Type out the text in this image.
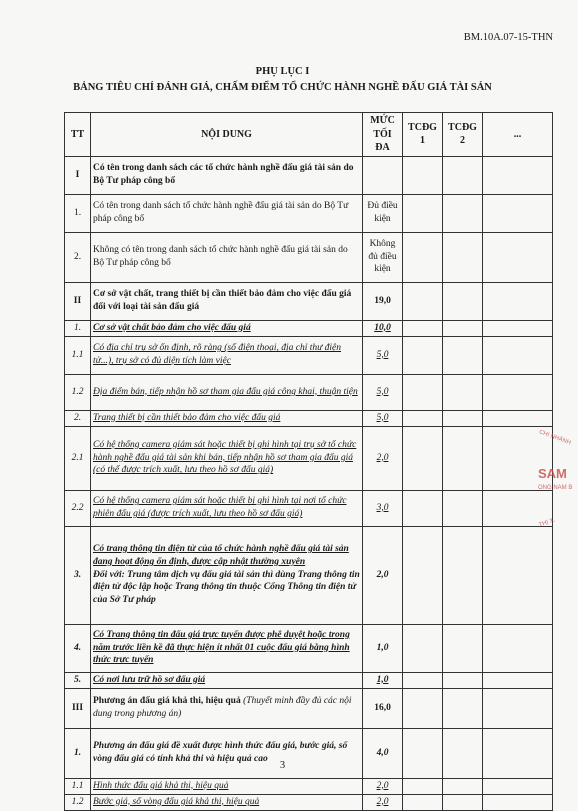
BM.10A.07-15-THN
PHỤ LỤC I
BẢNG TIÊU CHÍ ĐÁNH GIÁ, CHẤM ĐIỂM TỔ CHỨC HÀNH NGHỀ ĐẤU GIÁ TÀI SẢN
TT	NỘI DUNG	MỨC TỐI ĐA	TCĐG 1	TCĐG 2	...
I	Có tên trong danh sách các tổ chức hành nghề đấu giá tài sản do Bộ Tư pháp công bố				
1.	Có tên trong danh sách tổ chức hành nghề đấu giá tài sản do Bộ Tư pháp công bố	Đủ điều kiện			
2.	Không có tên trong danh sách tổ chức hành nghề đấu giá tài sản do Bộ Tư pháp công bố	Không đủ điều kiện			
II	Cơ sở vật chất, trang thiết bị cần thiết bảo đảm cho việc đấu giá đối với loại tài sản đấu giá	19,0			
1.	Cơ sở vật chất bảo đảm cho việc đấu giá	10,0			
1.1	Có địa chỉ trụ sở ổn định, rõ ràng (số điện thoại, địa chỉ thư điện tử...), trụ sở có đủ diện tích làm việc	5,0			
1.2	Địa điểm bán, tiếp nhận hồ sơ tham gia đấu giá công khai, thuận tiện	5,0			
2.	Trang thiết bị cần thiết bảo đảm cho việc đấu giá	5,0			
2.1	Có hệ thống camera giám sát hoặc thiết bị ghi hình tại trụ sở tổ chức hành nghề đấu giá tài sản khi bán, tiếp nhận hồ sơ tham gia đấu giá (có thể được trích xuất, lưu theo hồ sơ đấu giá)	2,0			
2.2	Có hệ thống camera giám sát hoặc thiết bị ghi hình tại nơi tổ chức phiên đấu giá (được trích xuất, lưu theo hồ sơ đấu giá)	3,0			
3.	Có trang thông tin điện tử của tổ chức hành nghề đấu giá tài sản đang hoạt động ổn định, được cập nhật thường xuyên
Đối với: Trung tâm dịch vụ đấu giá tài sản thì dùng Trang thông tin điện tử độc lập hoặc Trang thông tin thuộc Cổng Thông tin điện tử của Sở Tư pháp	2,0			
4.	Có Trang thông tin đấu giá trực tuyến được phê duyệt hoặc trong năm trước liền kề đã thực hiện ít nhất 01 cuộc đấu giá bằng hình thức trực tuyến	1,0			
5.	Có nơi lưu trữ hồ sơ đấu giá	1,0			
III	Phương án đấu giá khả thi, hiệu quả (Thuyết minh đầy đủ các nội dung trong phương án)	16,0			
1.	Phương án đấu giá đề xuất được hình thức đấu giá, bước giá, số vòng đấu giá có tính khả thi và hiệu quả cao	4,0			
1.1	Hình thức đấu giá khả thi, hiệu quả	2,0			
1.2	Bước giá, số vòng đấu giá khả thi, hiệu quả	2,0			
CHI NHÁNH
SAM
ÔNG NAM B
THỊ X.
3
